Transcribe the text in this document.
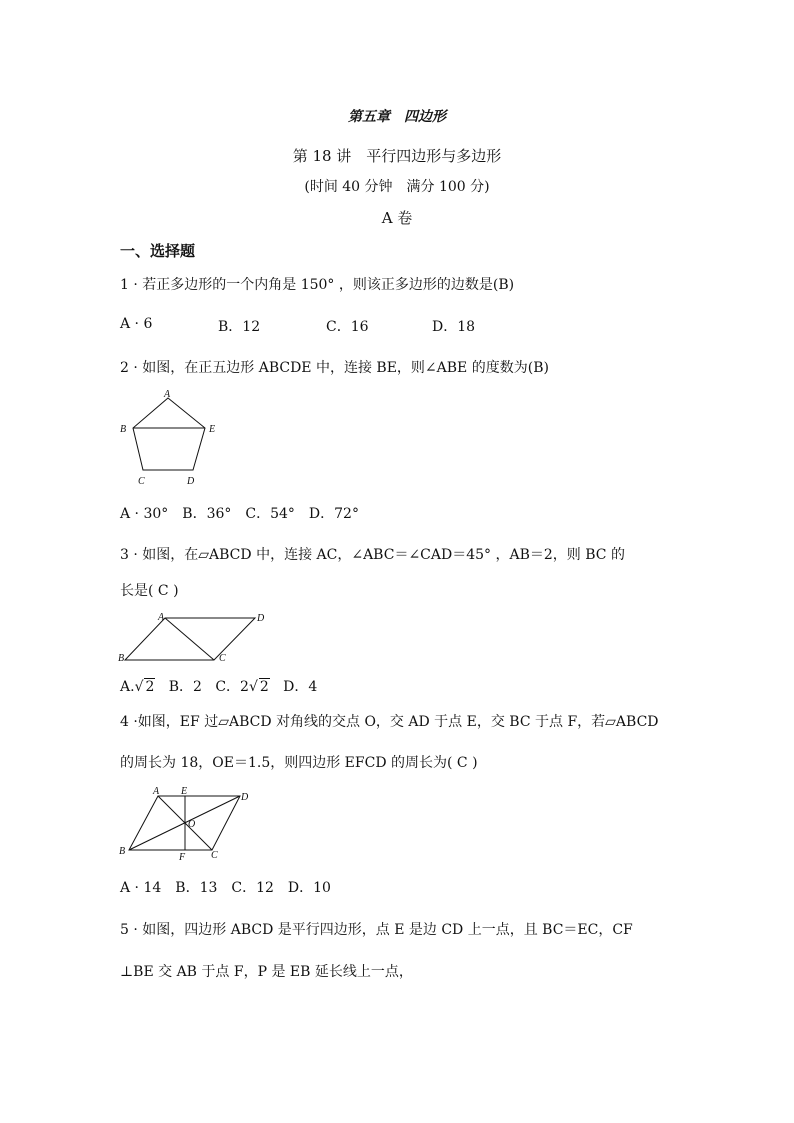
第五章　四边形
第 18 讲　平行四边形与多边形
(时间 40 分钟　满分 100 分)
A 卷
一、选择题
1 · 若正多边形的一个内角是 150° ，则该正多边形的边数是(B)
A · 6	B．12	C．16	D．18
2 · 如图，在正五边形 ABCDE 中，连接 BE，则∠ABE 的度数为(B)
A
B	E
C	D
A · 30°　B．36°　C．54°　D．72°
3 · 如图，在▱ABCD 中，连接 AC，∠ABC＝∠CAD＝45° ，AB＝2，则 BC 的
长是( C )
A	D
B	C
A.√ 2 B．2 C．2√ 2 D．4
4 ·如图，EF 过▱ABCD 对角线的交点 O，交 AD 于点 E，交 BC 于点 F，若▱ABCD
的周长为 18，OE＝1.5，则四边形 EFCD 的周长为( C )
A E
D
O
B
F	C
A · 14　B．13　C．12　D．10
5 · 如图，四边形 ABCD 是平行四边形，点 E 是边 CD 上一点，且 BC＝EC，CF
⊥BE 交 AB 于点 F，P 是 EB 延长线上一点，
